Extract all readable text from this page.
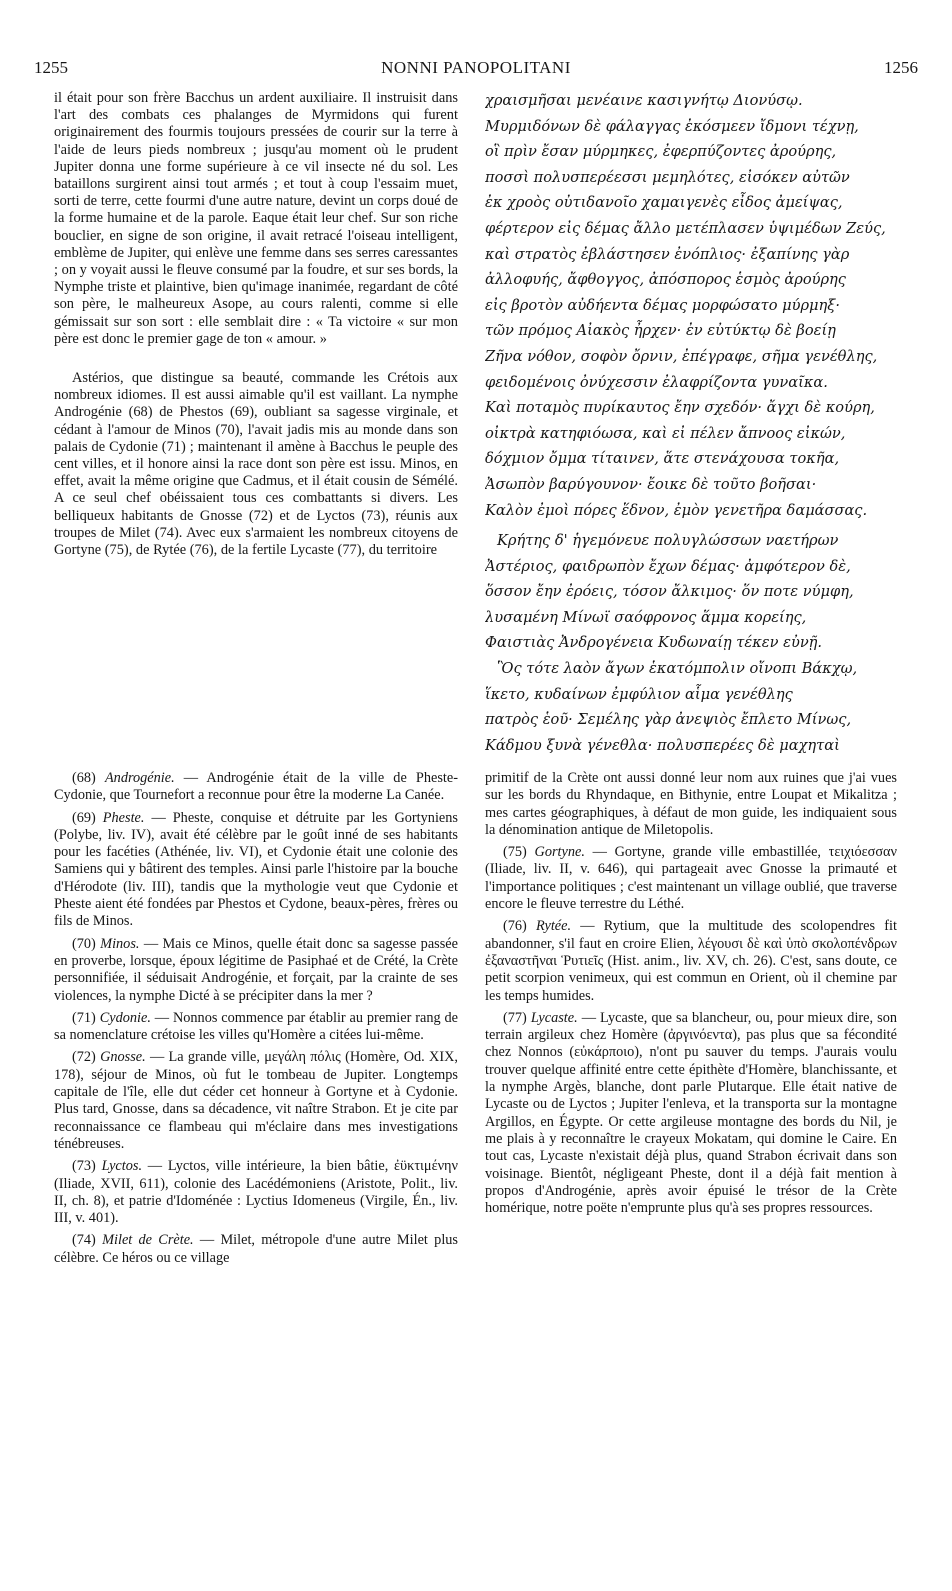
1255	NONNI PANOPOLITANI	1256

il était pour son frère Bacchus un ardent auxiliaire. Il instruisit dans l'art des combats ces phalanges de Myrmidons qui furent originairement des fourmis toujours pressées de courir sur la terre à l'aide de leurs pieds nombreux ; jusqu'au moment où le prudent Jupiter donna une forme supérieure à ce vil insecte né du sol. Les bataillons surgirent ainsi tout armés ; et tout à coup l'essaim muet, sorti de terre, cette fourmi d'une autre nature, devint un corps doué de la forme humaine et de la parole. Eaque était leur chef. Sur son riche bouclier, en signe de son origine, il avait retracé l'oiseau intelligent, emblème de Jupiter, qui enlève une femme dans ses serres caressantes ; on y voyait aussi le fleuve consumé par la foudre, et sur ses bords, la Nymphe triste et plaintive, bien qu'image inanimée, regardant de côté son père, le malheureux Asope, au cours ralenti, comme si elle gémissait sur son sort : elle semblait dire : « Ta victoire « sur mon père est donc le premier gage de ton « amour. »

Astérios, que distingue sa beauté, commande les Crétois aux nombreux idiomes. Il est aussi aimable qu'il est vaillant. La nymphe Androgénie (68) de Phestos (69), oubliant sa sagesse virginale, et cédant à l'amour de Minos (70), l'avait jadis mis au monde dans son palais de Cydonie (71) ; maintenant il amène à Bacchus le peuple des cent villes, et il honore ainsi la race dont son père est issu. Minos, en effet, avait la même origine que Cadmus, et il était cousin de Sémélé. A ce seul chef obéissaient tous ces combattants si divers. Les belliqueux habitants de Gnosse (72) et de Lyctos (73), réunis aux troupes de Milet (74). Avec eux s'armaient les nombreux citoyens de Gortyne (75), de Rytée (76), de la fertile Lycaste (77), du territoire

χραισμῆσαι μενέαινε κασιγνήτῳ Διονύσῳ.
Μυρμιδόνων δὲ φάλαγγας ἐκόσμεεν ἴδμονι τέχνῃ,
οἳ πρὶν ἔσαν μύρμηκες, ἐφερπύζοντες ἀρούρης,
ποσσὶ πολυσπερέεσσι μεμηλότες, εἰσόκεν αὐτῶν
ἐκ χροὸς οὐτιδανοῖο χαμαιγενὲς εἶδος ἀμείψας,
φέρτερον εἰς δέμας ἄλλο μετέπλασεν ὑψιμέδων Ζεύς,
καὶ στρατὸς ἐβλάστησεν ἐνόπλιος· ἐξαπίνης γὰρ
ἀλλοφυής, ἄφθογγος, ἀπόσπορος ἑσμὸς ἀρούρης
εἰς βροτὸν αὐδήεντα δέμας μορφώσατο μύρμηξ·
τῶν πρόμος Αἰακὸς ἦρχεν· ἐν εὐτύκτῳ δὲ βοείῃ
Ζῆνα νόθον, σοφὸν ὄρνιν, ἐπέγραφε, σῆμα γενέθλης,
φειδομένοις ὀνύχεσσιν ἐλαφρίζοντα γυναῖκα.
Καὶ ποταμὸς πυρίκαυτος ἔην σχεδόν· ἄγχι δὲ κούρη,
οἰκτρὰ κατηφιόωσα, καὶ εἰ πέλεν ἄπνοος εἰκών,
δόχμιον ὄμμα τίταινεν, ἅτε στενάχουσα τοκῆα,
Ἀσωπὸν βαρύγουνον· ἔοικε δὲ τοῦτο βοῆσαι·
Καλὸν ἐμοὶ πόρες ἕδνον, ἐμὸν γενετῆρα δαμάσσας.
Κρήτης δ' ἡγεμόνευε πολυγλώσσων ναετήρων
Ἀστέριος, φαιδρωπὸν ἔχων δέμας· ἀμφότερον δὲ,
ὅσσον ἔην ἐρόεις, τόσον ἄλκιμος· ὅν ποτε νύμφη,
λυσαμένη Μίνωϊ σαόφρονος ἅμμα κορείης,
Φαιστιὰς Ἀνδρογένεια Κυδωναίῃ τέκεν εὐνῇ.
Ὃς τότε λαὸν ἄγων ἑκατόμπολιν οἴνοπι Βάκχῳ,
ἵκετο, κυδαίνων ἐμφύλιον αἷμα γενέθλης
πατρὸς ἑοῦ· Σεμέλης γὰρ ἀνεψιὸς ἔπλετο Μίνως,
Κάδμου ξυνὰ γένεθλα· πολυσπερέες δὲ μαχηταὶ

(68) Androgénie. — Androgénie était de la ville de Pheste-Cydonie, que Tournefort a reconnue pour être la moderne La Canée.

(69) Pheste. — Pheste, conquise et détruite par les Gortyniens (Polybe, liv. IV), avait été célèbre par le goût inné de ses habitants pour les facéties (Athénée, liv. VI), et Cydonie était une colonie des Samiens qui y bâtirent des temples. Ainsi parle l'histoire par la bouche d'Hérodote (liv. III), tandis que la mythologie veut que Cydonie et Pheste aient été fondées par Phestos et Cydone, beaux-pères, frères ou fils de Minos.

(70) Minos. — Mais ce Minos, quelle était donc sa sagesse passée en proverbe, lorsque, époux légitime de Pasiphaé et de Crété, la Crète personnifiée, il séduisait Androgénie, et forçait, par la crainte de ses violences, la nymphe Dicté à se précipiter dans la mer ?

(71) Cydonie. — Nonnos commence par établir au premier rang de sa nomenclature crétoise les villes qu'Homère a citées lui-même.

(72) Gnosse. — La grande ville, μεγάλη πόλις (Homère, Od. XIX, 178), séjour de Minos, où fut le tombeau de Jupiter. Longtemps capitale de l'île, elle dut céder cet honneur à Gortyne et à Cydonie. Plus tard, Gnosse, dans sa décadence, vit naître Strabon. Et je cite par reconnaissance ce flambeau qui m'éclaire dans mes investigations ténébreuses.

(73) Lyctos. — Lyctos, ville intérieure, la bien bâtie, ἐϋκτιμένην (Iliade, XVII, 611), colonie des Lacédémoniens (Aristote, Polit., liv. II, ch. 8), et patrie d'Idoménée : Lyctius Idomeneus (Virgile, Én., liv. III, v. 401).

(74) Milet de Crète. — Milet, métropole d'une autre Milet plus célèbre. Ce héros ou ce village

primitif de la Crète ont aussi donné leur nom aux ruines que j'ai vues sur les bords du Rhyndaque, en Bithynie, entre Loupat et Mikalitza ; mes cartes géographiques, à défaut de mon guide, les indiquaient sous la dénomination antique de Miletopolis.

(75) Gortyne. — Gortyne, grande ville embastillée, τειχιόεσσαν (Iliade, liv. II, v. 646), qui partageait avec Gnosse la primauté et l'importance politiques ; c'est maintenant un village oublié, que traverse encore le fleuve terrestre du Léthé.

(76) Rytée. — Rytium, que la multitude des scolopendres fit abandonner, s'il faut en croire Elien, λέγουσι δὲ καὶ ὑπὸ σκολοπένδρων ἐξαναστῆναι Ῥυτιεῖς (Hist. anim., liv. XV, ch. 26). C'est, sans doute, ce petit scorpion venimeux, qui est commun en Orient, où il chemine par les temps humides.

(77) Lycaste. — Lycaste, que sa blancheur, ou, pour mieux dire, son terrain argileux chez Homère (ἀργινόεντα), pas plus que sa fécondité chez Nonnos (εὐκάρποιο), n'ont pu sauver du temps. J'aurais voulu trouver quelque affinité entre cette épithète d'Homère, blanchissante, et la nymphe Argès, blanche, dont parle Plutarque. Elle était native de Lycaste ou de Lyctos ; Jupiter l'enleva, et la transporta sur la montagne Argillos, en Égypte. Or cette argileuse montagne des bords du Nil, je me plais à y reconnaître le crayeux Mokatam, qui domine le Caire. En tout cas, Lycaste n'existait déjà plus, quand Strabon écrivait dans son voisinage. Bientôt, négligeant Pheste, dont il a déjà fait mention à propos d'Androgénie, après avoir épuisé le trésor de la Crète homérique, notre poëte n'emprunte plus qu'à ses propres ressources.
